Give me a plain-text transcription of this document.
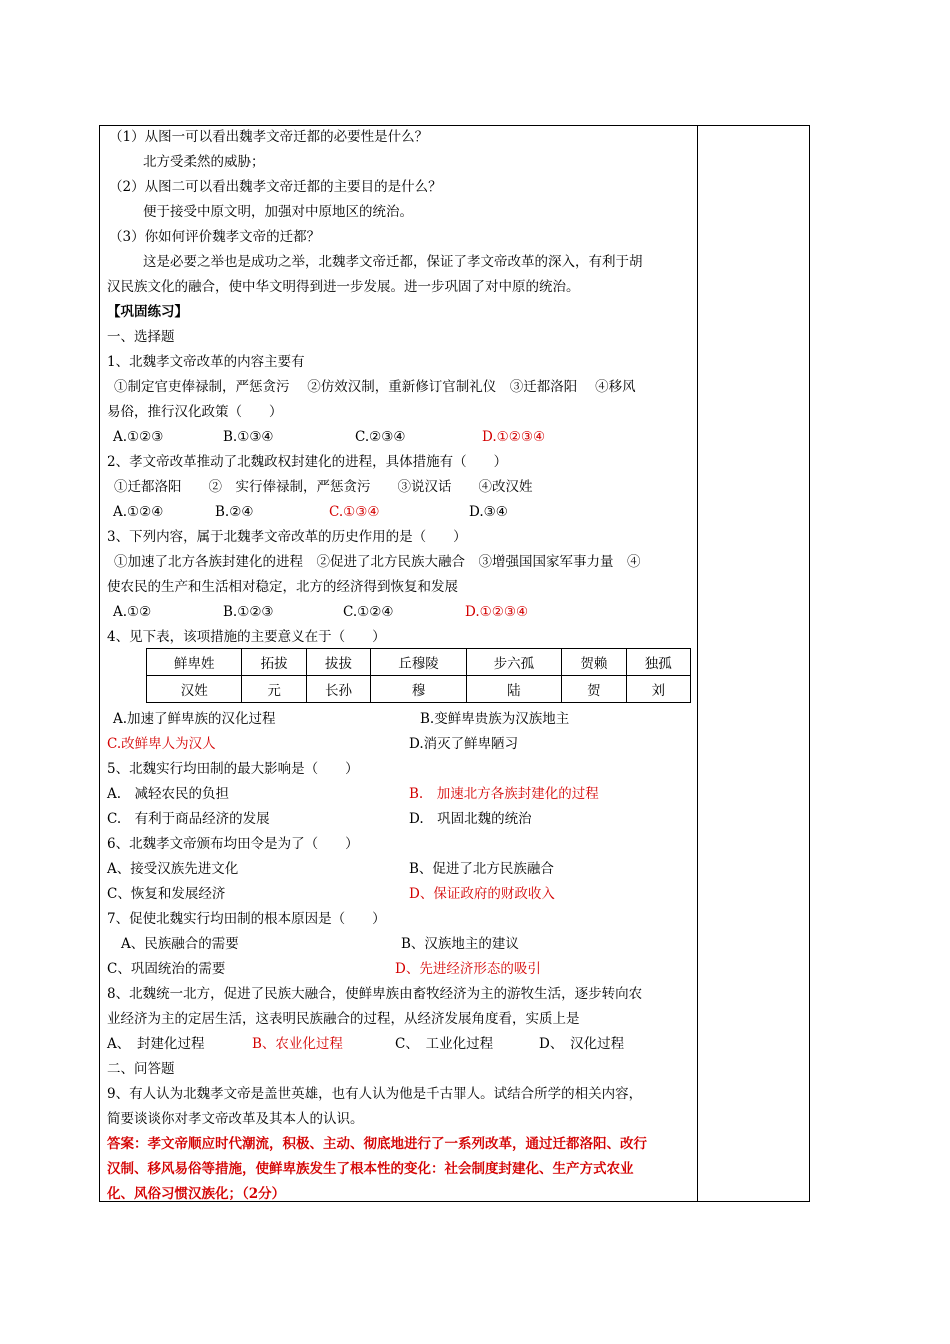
（1）从图一可以看出魏孝文帝迁都的必要性是什么？
北方受柔然的威胁；
（2）从图二可以看出魏孝文帝迁都的主要目的是什么？
便于接受中原文明，加强对中原地区的统治。
（3）你如何评价魏孝文帝的迁都？
这是必要之举也是成功之举，北魏孝文帝迁都，保证了孝文帝改革的深入，有利于胡
汉民族文化的融合，使中华文明得到进一步发展。进一步巩固了对中原的统治。
【巩固练习】
一、选择题
1、北魏孝文帝改革的内容主要有
①制定官吏俸禄制，严惩贪污　 ②仿效汉制，重新修订官制礼仪　③迁都洛阳　 ④移风
易俗，推行汉化政策（　　）
A.①②③	B.①③④	C.②③④	D.①②③④
2、孝文帝改革推动了北魏政权封建化的进程，具体措施有（　　）
①迁都洛阳　　②　实行俸禄制，严惩贪污　　③说汉话　　④改汉姓
A.①②④	B.②④	C.①③④	D.③④
3、下列内容，属于北魏孝文帝改革的历史作用的是（　　）
①加速了北方各族封建化的进程　②促进了北方民族大融合　③增强国国家军事力量　④
使农民的生产和生活相对稳定，北方的经济得到恢复和发展
A.①②	B.①②③	C.①②④	D.①②③④
4、见下表，该项措施的主要意义在于（　　）
鲜卑姓	拓拔	拔拔	丘穆陵	步六孤	贺赖	独孤
汉姓	元	长孙	穆	陆	贺	刘
A.加速了鲜卑族的汉化过程	B.变鲜卑贵族为汉族地主
C.改鲜卑人为汉人	D.消灭了鲜卑陋习
5、北魏实行均田制的最大影响是（　　）
A.　减轻农民的负担	B.　加速北方各族封建化的过程
C.　有利于商品经济的发展	D.　巩固北魏的统治
6、北魏孝文帝颁布均田令是为了（　　）
A、接受汉族先进文化	B、促进了北方民族融合
C、恢复和发展经济	D、保证政府的财政收入
7、促使北魏实行均田制的根本原因是（　　）
A、民族融合的需要	B、汉族地主的建议
C、巩固统治的需要	D、先进经济形态的吸引
8、北魏统一北方，促进了民族大融合，使鲜卑族由畜牧经济为主的游牧生活，逐步转向农
业经济为主的定居生活，这表明民族融合的过程，从经济发展角度看，实质上是
A、　封建化过程	B、农业化过程	C、　工业化过程	D、　汉化过程
二、问答题
9、有人认为北魏孝文帝是盖世英雄，也有人认为他是千古罪人。试结合所学的相关内容，
简要谈谈你对孝文帝改革及其本人的认识。
答案：孝文帝顺应时代潮流，积极、主动、彻底地进行了一系列改革，通过迁都洛阳、改行
汉制、移风易俗等措施，使鲜卑族发生了根本性的变化：社会制度封建化、生产方式农业
化、风俗习惯汉族化；（2分）
